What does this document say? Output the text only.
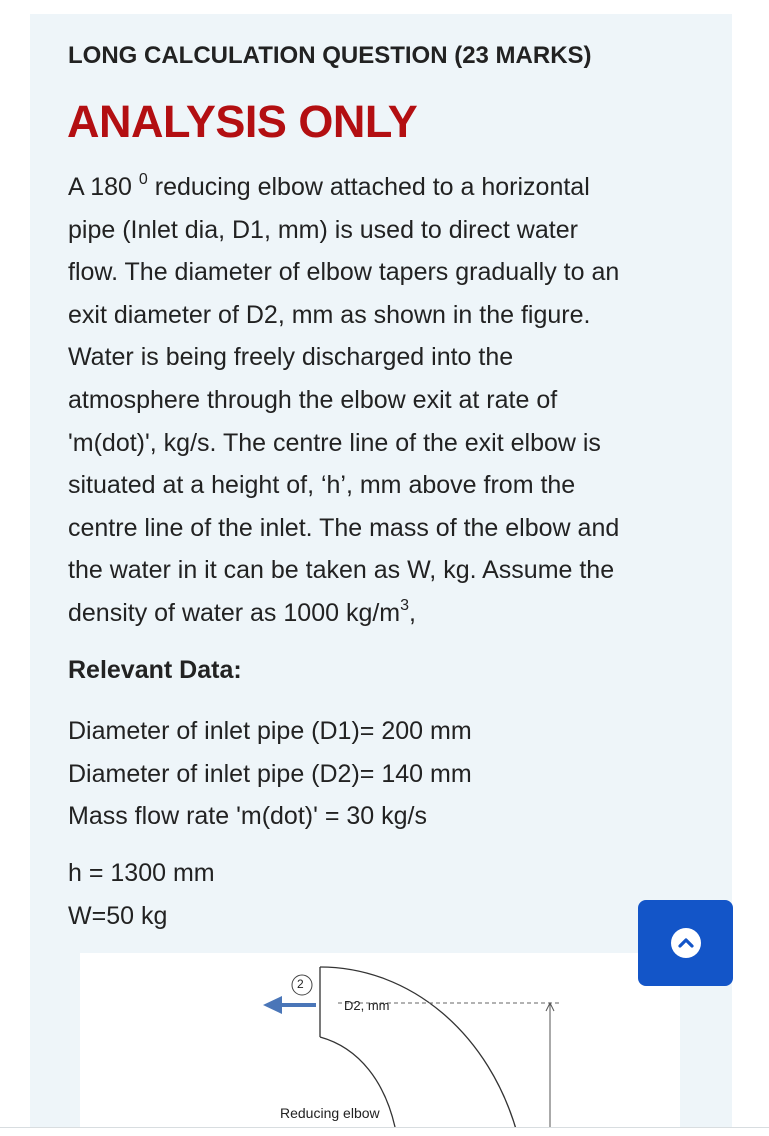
LONG CALCULATION QUESTION (23 MARKS)
ANALYSIS ONLY
A 180 $^0$ reducing elbow attached to a horizontal
pipe (Inlet dia, D1, mm) is used to direct water
flow. The diameter of elbow tapers gradually to an
exit diameter of D2, mm as shown in the figure.
Water is being freely discharged into the
atmosphere through the elbow exit at rate of
'm(dot)', kg/s. The centre line of the exit elbow is
situated at a height of, ‘h’, mm above from the
centre line of the inlet. The mass of the elbow and
the water in it can be taken as W, kg. Assume the
density of water as 1000 $kg/m^3$,
Relevant Data:
Diameter of inlet pipe (D1)= 200 mm
Diameter of inlet pipe (D2)= 140 mm
Mass flow rate 'm(dot)' = 30 kg/s
h = 1300 mm
W=50 kg
2
D2, mm
Reducing elbow
